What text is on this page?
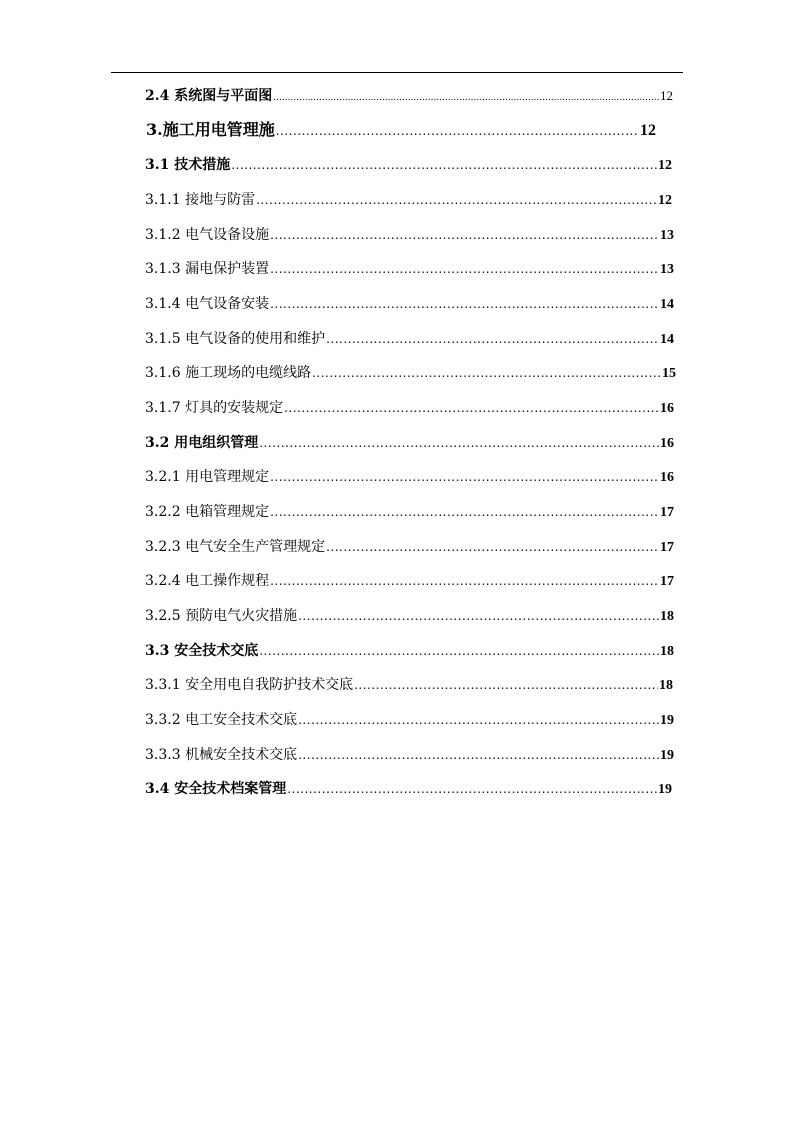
2.4 系统图与平面图 .....	12
3.施工用电管理施 .....	12
3.1 技术措施 .....	12
3.1.1 接地与防雷 .....	12
3.1.2 电气设备设施 .....	13
3.1.3 漏电保护装置 .....	13
3.1.4 电气设备安装 .....	14
3.1.5 电气设备的使用和维护 .....	14
3.1.6 施工现场的电缆线路 .....	15
3.1.7 灯具的安装规定 .....	16
3.2 用电组织管理 .....	16
3.2.1 用电管理规定 .....	16
3.2.2 电箱管理规定 .....	17
3.2.3 电气安全生产管理规定 .....	17
3.2.4 电工操作规程 .....	17
3.2.5 预防电气火灾措施 .....	18
3.3 安全技术交底 .....	18
3.3.1 安全用电自我防护技术交底 .....	18
3.3.2 电工安全技术交底 .....	19
3.3.3 机械安全技术交底 .....	19
3.4 安全技术档案管理 .....	19
